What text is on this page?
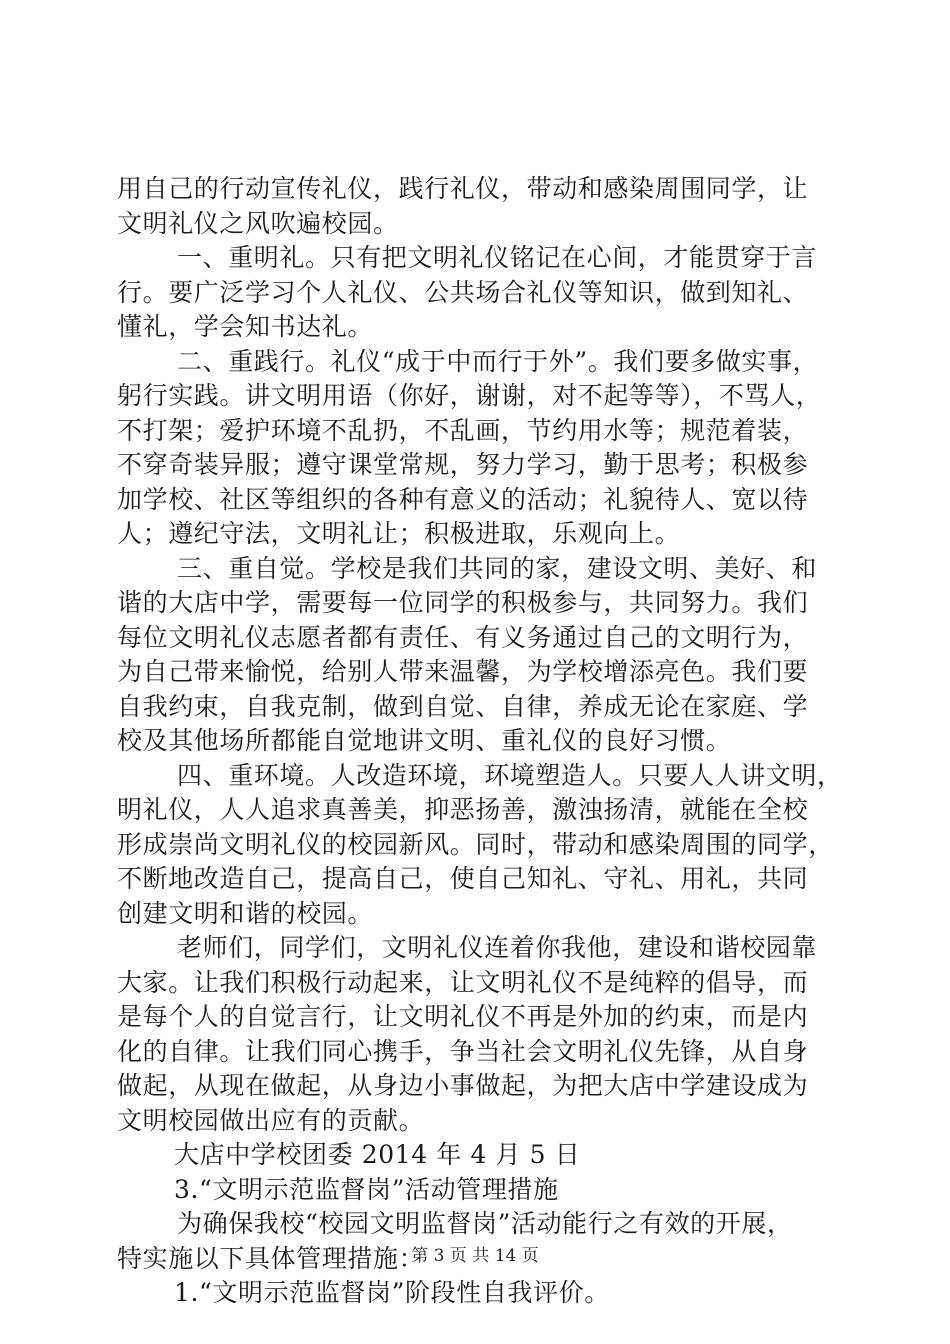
用自己的行动宣传礼仪，践行礼仪，带动和感染周围同学，让
文明礼仪之风吹遍校园。
一、重明礼。只有把文明礼仪铭记在心间，才能贯穿于言
行。要广泛学习个人礼仪、公共场合礼仪等知识，做到知礼、
懂礼，学会知书达礼。
二、重践行。礼仪“成于中而行于外”。我们要多做实事，
躬行实践。讲文明用语（你好，谢谢，对不起等等），不骂人，
不打架；爱护环境不乱扔，不乱画，节约用水等；规范着装，
不穿奇装异服；遵守课堂常规，努力学习，勤于思考；积极参
加学校、社区等组织的各种有意义的活动；礼貌待人、宽以待
人；遵纪守法，文明礼让；积极进取，乐观向上。
三、重自觉。学校是我们共同的家，建设文明、美好、和
谐的大店中学，需要每一位同学的积极参与，共同努力。我们
每位文明礼仪志愿者都有责任、有义务通过自己的文明行为，
为自己带来愉悦，给别人带来温馨，为学校增添亮色。我们要
自我约束，自我克制，做到自觉、自律，养成无论在家庭、学
校及其他场所都能自觉地讲文明、重礼仪的良好习惯。
四、重环境。人改造环境，环境塑造人。只要人人讲文明，
明礼仪，人人追求真善美，抑恶扬善，激浊扬清，就能在全校
形成崇尚文明礼仪的校园新风。同时，带动和感染周围的同学，
不断地改造自己，提高自己，使自己知礼、守礼、用礼，共同
创建文明和谐的校园。
老师们，同学们，文明礼仪连着你我他，建设和谐校园靠
大家。让我们积极行动起来，让文明礼仪不是纯粹的倡导，而
是每个人的自觉言行，让文明礼仪不再是外加的约束，而是内
化的自律。让我们同心携手，争当社会文明礼仪先锋，从自身
做起，从现在做起，从身边小事做起，为把大店中学建设成为
文明校园做出应有的贡献。
大店中学校团委 2014 年 4 月 5 日
3.“文明示范监督岗”活动管理措施
为确保我校“校园文明监督岗”活动能行之有效的开展，
特实施以下具体管理措施：
1.“文明示范监督岗”阶段性自我评价。
第 3 页 共 14 页
